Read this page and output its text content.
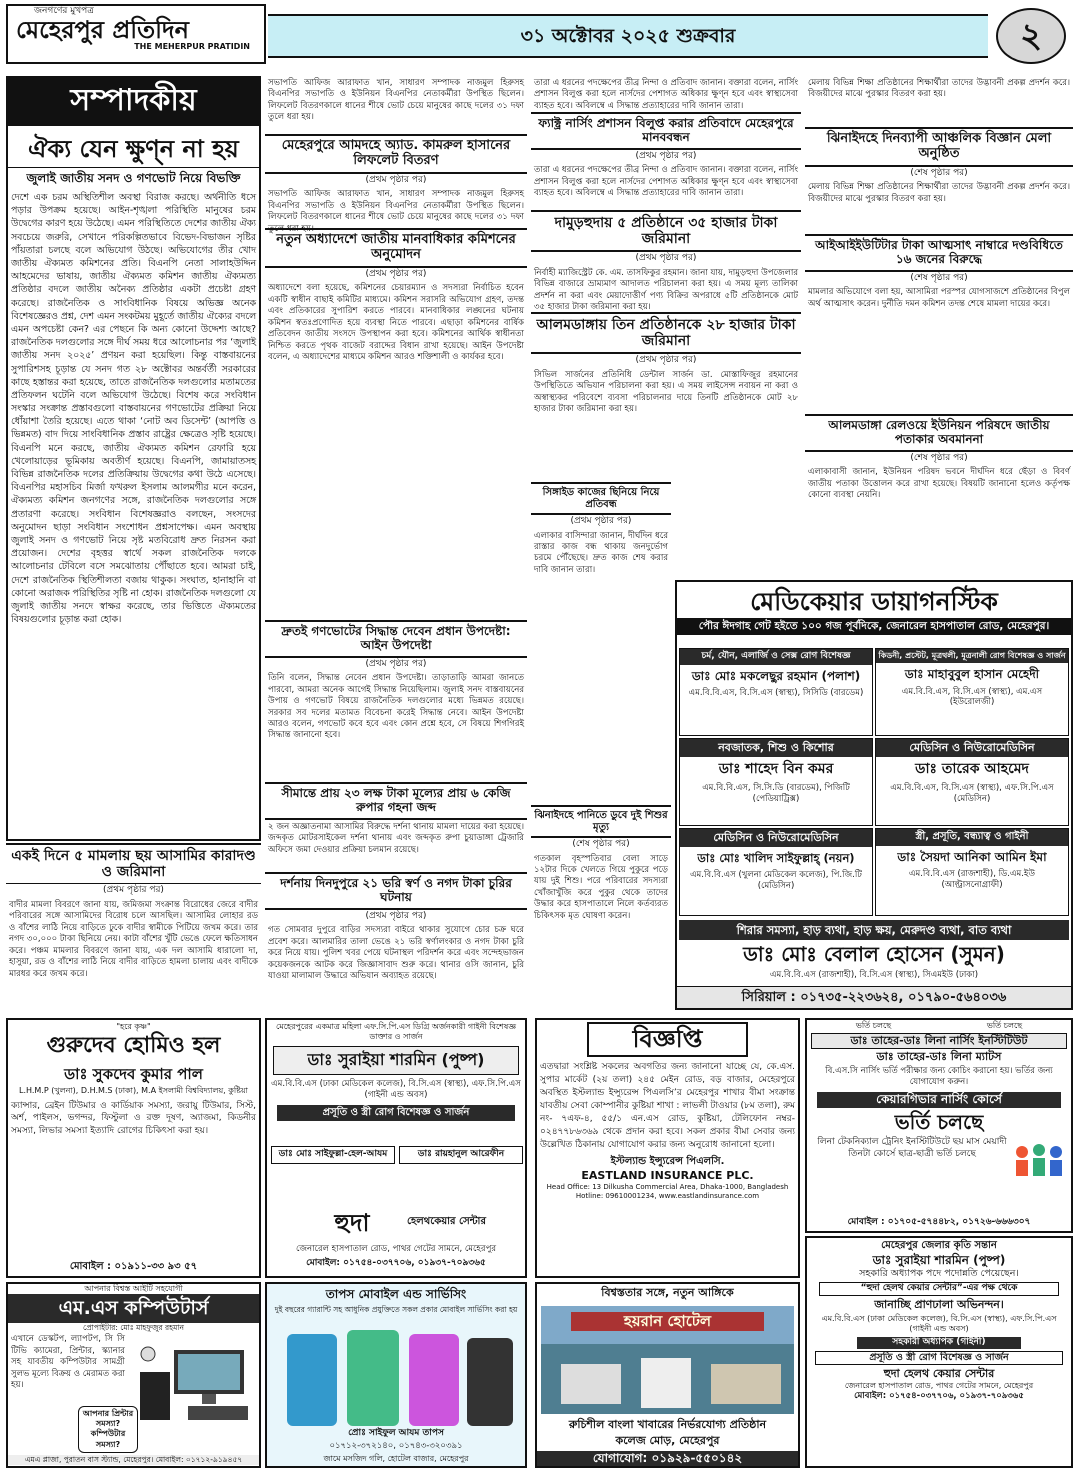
জনগণের মুখপত্র
মেহেরপুর প্রতিদিন
THE MEHERPUR PRATIDIN	৩১ অক্টোবর ২০২৫ শুক্রবার	২
সম্পাদকীয়
ঐক্য যেন ক্ষুণ্ন না হয়
জুলাই জাতীয় সনদ ও গণভোট নিয়ে বিভক্তি
দেশে এক চরম অস্থিতিশীল অবস্থা বিরাজ করছে। অর্থনীতি ধসে পড়ার উপক্রম হয়েছে। আইন-শৃঙ্খলা পরিস্থিতি মানুষের চরম উদ্বেগের কারণ হয়ে উঠেছে। এমন পরিস্থিতিতে দেশের জাতীয় ঐক্য সবচেয়ে জরুরি, সেখানে পরিকল্পিতভাবে বিভেদ-বিভাজন সৃষ্টির পাঁয়তারা চলছে বলে অভিযোগ উঠছে। অভিযোগের তীর খোদ জাতীয় ঐক্যমত কমিশনের প্রতি। বিএনপি নেতা সালাহউদ্দিন আহমেদের ভাষায়, জাতীয় ঐক্যমত কমিশন জাতীয় ঐক্যমত্য প্রতিষ্ঠার বদলে জাতীয় অনৈক্য প্রতিষ্ঠার একটা প্রচেষ্টা গ্রহণ করেছে। রাজনৈতিক ও সাংবিধানিক বিষয়ে অভিজ্ঞ অনেক বিশেষজ্ঞেরও প্রশ্ন, দেশ এমন সংকটময় মুহূর্তে জাতীয় ঐক্যের বদলে এমন অপচেষ্টা কেন? এর পেছনে কি অন্য কোনো উদ্দেশ্য আছে? রাজনৈতিক দলগুলোর সঙ্গে দীর্ঘ সময় ধরে আলোচনার পর ‘জুলাই জাতীয় সনদ ২০২৫’ প্রণয়ন করা হয়েছিল। কিন্তু বাস্তবায়নের সুপারিশসহ চূড়ান্ত যে সনদ গত ২৮ অক্টোবর অন্তর্বর্তী সরকারের কাছে হস্তান্তর করা হয়েছে, তাতে রাজনৈতিক দলগুলোর মতামতের প্রতিফলন ঘটেনি বলে অভিযোগ উঠেছে। বিশেষ করে সংবিধান সংস্কার সংক্রান্ত প্রস্তাবগুলো বাস্তবায়নের গণভোটের প্রক্রিয়া নিয়ে ধোঁয়াশা তৈরি হয়েছে। এতে থাকা ‘নোট অব ডিসেন্ট’ (আপত্তি ও ভিন্নমত) বাদ দিয়ে সাংবিধানিক প্রস্তাব রাষ্ট্রের ক্ষেত্রেও সৃষ্টি হয়েছে। বিএনপি মনে করছে, জাতীয় ঐক্যমত কমিশন রেফারি হয়ে খেলোয়াড়ের ভূমিকায় অবতীর্ণ হয়েছে। বিএনপি, জামায়াতসহ বিভিন্ন রাজনৈতিক দলের প্রতিক্রিয়ায় উদ্বেগের কথা উঠে এসেছে। বিএনপির মহাসচিব মির্জা ফখরুল ইসলাম আলমগীর মনে করেন, ঐক্যমত্য কমিশন জনগণের সঙ্গে, রাজনৈতিক দলগুলোর সঙ্গে প্রতারণা করেছে। সংবিধান বিশেষজ্ঞরাও বলছেন, সংসদের অনুমোদন ছাড়া সংবিধান সংশোধন প্রশ্নসাপেক্ষ। এমন অবস্থায় জুলাই সনদ ও গণভোট নিয়ে সৃষ্ট মতবিরোধ দ্রুত নিরসন করা প্রয়োজন। দেশের বৃহত্তর স্বার্থে সকল রাজনৈতিক দলকে আলোচনার টেবিলে বসে সমঝোতায় পৌঁছাতে হবে। আমরা চাই, দেশে রাজনৈতিক স্থিতিশীলতা বজায় থাকুক। সংঘাত, হানাহানি বা কোনো অরাজক পরিস্থিতির সৃষ্টি না হোক। রাজনৈতিক দলগুলো যে জুলাই জাতীয় সনদে স্বাক্ষর করেছে, তার ভিত্তিতে ঐক্যমতের বিষয়গুলোর চূড়ান্ত করা হোক।
একই দিনে ৫ মামলায় ছয় আসামির কারাদণ্ড ও জরিমানা
(প্রথম পৃষ্ঠার পর)
বাদীর মামলা বিবরণে জানা যায়, জমিজমা সংক্রান্ত বিরোধের জেরে বাদীর পরিবারের সঙ্গে আসামিদের বিরোধ চলে আসছিল। আসামির লোহার রড ও বাঁশের লাঠি নিয়ে বাড়িতে ঢুকে বাদীর স্বামীকে পিটিয়ে জখম করে। তার নগদ ৩০,০০০ টাকা ছিনিয়ে নেয়। কাটা বাঁশের খুঁটি ভেঙে ফেলে ক্ষতিসাধন করে। পঞ্চম মামলার বিবরণে জানা যায়, এক দল আসামি ধারালো দা, হাসুয়া, রড ও বাঁশের লাঠি নিয়ে বাদীর বাড়িতে হামলা চালায় এবং বাদীকে মারধর করে জখম করে।
সভাপতি আফিজ আরাফাত খান, সাধারণ সম্পাদক নাজমুল হিরুসহ বিএনপির সভাপতি ও ইউনিয়ন বিএনপির নেতাকর্মীরা উপস্থিত ছিলেন। লিফলেট বিতরণকালে ধানের শীষে ভোট চেয়ে মানুষের কাছে দলের ৩১ দফা তুলে ধরা হয়।
মেহেরপুরে আমদহে অ্যাড. কামরুল হাসানের লিফলেট বিতরণ
(প্রথম পৃষ্ঠার পর)
সভাপতি আফিজ আরাফাত খান, সাধারণ সম্পাদক নাজমুল হিরুসহ বিএনপির সভাপতি ও ইউনিয়ন বিএনপির নেতাকর্মীরা উপস্থিত ছিলেন। লিফলেট বিতরণকালে ধানের শীষে ভোট চেয়ে মানুষের কাছে দলের ৩১ দফা তুলে ধরা হয়।
নতুন অধ্যাদেশে জাতীয় মানবাধিকার কমিশনের অনুমোদন
(প্রথম পৃষ্ঠার পর)
অধ্যাদেশে বলা হয়েছে, কমিশনের চেয়ারম্যান ও সদস্যরা নির্বাচিত হবেন একটি স্বাধীন বাছাই কমিটির মাধ্যমে। কমিশন সরাসরি অভিযোগ গ্রহণ, তদন্ত এবং প্রতিকারের সুপারিশ করতে পারবে। মানবাধিকার লঙ্ঘনের ঘটনায় কমিশন স্বতঃপ্রণোদিত হয়ে ব্যবস্থা নিতে পারবে। এছাড়া কমিশনের বার্ষিক প্রতিবেদন জাতীয় সংসদে উপস্থাপন করা হবে। কমিশনের আর্থিক স্বাধীনতা নিশ্চিত করতে পৃথক বাজেট বরাদ্দের বিধান রাখা হয়েছে। আইন উপদেষ্টা বলেন, এ অধ্যাদেশের মাধ্যমে কমিশন আরও শক্তিশালী ও কার্যকর হবে।
দ্রুতই গণভোটের সিদ্ধান্ত দেবেন প্রধান উপদেষ্টা: আইন উপদেষ্টা
(প্রথম পৃষ্ঠার পর)
তিনি বলেন, সিদ্ধান্ত নেবেন প্রধান উপদেষ্টা। তাড়াতাড়ি আমরা জানতে পারবো, আমরা অনেক আগেই সিদ্ধান্ত নিয়েছিলাম। জুলাই সনদ বাস্তবায়নের উপায় ও গণভোট বিষয়ে রাজনৈতিক দলগুলোর মধ্যে ভিন্নমত রয়েছে। সরকার সব দলের মতামত বিবেচনা করেই সিদ্ধান্ত নেবে। আইন উপদেষ্টা আরও বলেন, গণভোট কবে হবে এবং কোন প্রশ্নে হবে, সে বিষয়ে শিগগিরই সিদ্ধান্ত জানানো হবে।
সীমান্তে প্রায় ২৩ লক্ষ টাকা মূল্যের প্রায় ৬ কেজি রুপার গহনা জব্দ
২ জন অজ্ঞাতনামা আসামির বিরুদ্ধে দর্শনা থানায় মামলা দায়ের করা হয়েছে। জব্দকৃত মোটরসাইকেল দর্শনা থানায় এবং জব্দকৃত রুপা চুয়াডাঙ্গা ট্রেজারি অফিসে জমা দেওয়ার প্রক্রিয়া চলমান রয়েছে।
দর্শনায় দিনদুপুরে ২১ ভরি স্বর্ণ ও নগদ টাকা চুরির ঘটনায়
(প্রথম পৃষ্ঠার পর)
গত সোমবার দুপুরে বাড়ির সদস্যরা বাইরে থাকার সুযোগে চোর চক্র ঘরে প্রবেশ করে। আলমারির তালা ভেঙে ২১ ভরি স্বর্ণালংকার ও নগদ টাকা চুরি করে নিয়ে যায়। পুলিশ খবর পেয়ে ঘটনাস্থল পরিদর্শন করে এবং সন্দেহভাজন কয়েকজনকে আটক করে জিজ্ঞাসাবাদ শুরু করে। থানার ওসি জানান, চুরি যাওয়া মালামাল উদ্ধারে অভিযান অব্যাহত রয়েছে।
তারা এ ধরনের পদক্ষেপের তীব্র নিন্দা ও প্রতিবাদ জানান। বক্তারা বলেন, নার্সিং প্রশাসন বিলুপ্ত করা হলে নার্সদের পেশাগত অধিকার ক্ষুণ্ন হবে এবং স্বাস্থ্যসেবা ব্যাহত হবে। অবিলম্বে এ সিদ্ধান্ত প্রত্যাহারের দাবি জানান তারা।
ফ্যাক্ট্র নার্সিং প্রশাসন বিলুপ্ত করার প্রতিবাদে মেহেরপুরে মানববন্ধন
(প্রথম পৃষ্ঠার পর)
তারা এ ধরনের পদক্ষেপের তীব্র নিন্দা ও প্রতিবাদ জানান। বক্তারা বলেন, নার্সিং প্রশাসন বিলুপ্ত করা হলে নার্সদের পেশাগত অধিকার ক্ষুণ্ন হবে এবং স্বাস্থ্যসেবা ব্যাহত হবে। অবিলম্বে এ সিদ্ধান্ত প্রত্যাহারের দাবি জানান তারা।
দামুড়হুদায় ৫ প্রতিষ্ঠানে ৩৫ হাজার টাকা জরিমানা
(প্রথম পৃষ্ঠার পর)
নির্বাহী ম্যাজিস্ট্রেট কে. এম. তাসফিকুর রহমান। জানা যায়, দামুড়হুদা উপজেলার বিভিন্ন বাজারে ভ্রাম্যমাণ আদালত পরিচালনা করা হয়। এ সময় মূল্য তালিকা প্রদর্শন না করা এবং মেয়াদোত্তীর্ণ পণ্য বিক্রির অপরাধে ৫টি প্রতিষ্ঠানকে মোট ৩৫ হাজার টাকা জরিমানা করা হয়।
আলমডাঙ্গায় তিন প্রতিষ্ঠানকে ২৮ হাজার টাকা জরিমানা
(প্রথম পৃষ্ঠার পর)
সিভিল সার্জনের প্রতিনিধি ডেন্টাল সার্জন ডা. মোস্তাফিজুর রহমানের উপস্থিতিতে অভিযান পরিচালনা করা হয়। এ সময় লাইসেন্স নবায়ন না করা ও অস্বাস্থ্যকর পরিবেশে ব্যবসা পরিচালনার দায়ে তিনটি প্রতিষ্ঠানকে মোট ২৮ হাজার টাকা জরিমানা করা হয়।
সিঙ্গাইড কাজের ছিনিয়ে নিয়ে প্রতিবন্ধ
(প্রথম পৃষ্ঠার পর)
এলাকার বাসিন্দারা জানান, দীর্ঘদিন ধরে রাস্তার কাজ বন্ধ থাকায় জনদুর্ভোগ চরমে পৌঁছেছে। দ্রুত কাজ শেষ করার দাবি জানান তারা।
ঝিনাইদহে পানিতে ডুবে দুই শিশুর মৃত্যু
(শেষ পৃষ্ঠার পর)
গতকাল বৃহস্পতিবার বেলা সাড়ে ১২টার দিকে খেলতে গিয়ে পুকুরে পড়ে যায় দুই শিশু। পরে পরিবারের সদস্যরা খোঁজাখুঁজি করে পুকুর থেকে তাদের উদ্ধার করে হাসপাতালে নিলে কর্তব্যরত চিকিৎসক মৃত ঘোষণা করেন।
মেলায় বিভিন্ন শিক্ষা প্রতিষ্ঠানের শিক্ষার্থীরা তাদের উদ্ভাবনী প্রকল্প প্রদর্শন করে। বিজয়ীদের মাঝে পুরস্কার বিতরণ করা হয়।
ঝিনাইদহে দিনব্যাপী আঞ্চলিক বিজ্ঞান মেলা অনুষ্ঠিত
(শেষ পৃষ্ঠার পর)
মেলায় বিভিন্ন শিক্ষা প্রতিষ্ঠানের শিক্ষার্থীরা তাদের উদ্ভাবনী প্রকল্প প্রদর্শন করে। বিজয়ীদের মাঝে পুরস্কার বিতরণ করা হয়।
আইআইইউটিটার টাকা আত্মসাৎ নাম্বারে দণ্ডবিধিতে ১৬ জনের বিরুদ্ধে
(শেষ পৃষ্ঠার পর)
মামলার অভিযোগে বলা হয়, আসামিরা পরস্পর যোগসাজশে প্রতিষ্ঠানের বিপুল অর্থ আত্মসাৎ করেন। দুর্নীতি দমন কমিশন তদন্ত শেষে মামলা দায়ের করে।
আলমডাঙ্গা রেলওয়ে ইউনিয়ন পরিষদে জাতীয় পতাকার অবমাননা
(শেষ পৃষ্ঠার পর)
এলাকাবাসী জানান, ইউনিয়ন পরিষদ ভবনে দীর্ঘদিন ধরে ছেঁড়া ও বিবর্ণ জাতীয় পতাকা উত্তোলন করে রাখা হয়েছে। বিষয়টি জানানো হলেও কর্তৃপক্ষ কোনো ব্যবস্থা নেয়নি।
মেডিকেয়ার ডায়াগনস্টিক
পৌর ঈদগাহ গেট হইতে ১০০ গজ পূর্বদিকে, জেনারেল হাসপাতাল রোড, মেহেরপুর।
চর্ম, যৌন, এলার্জি ও সেক্স রোগ বিশেষজ্ঞ
ডাঃ মোঃ মকলেছুর রহমান (পলাশ)
এম.বি.বি.এস, বি.সি.এস (স্বাস্থ্য), সিসিডি (বারডেম)
কিডনী, প্রস্টেট, মূত্রথলী, মূত্রনালী রোগ বিশেষজ্ঞ ও সার্জন
ডাঃ মাহাবুবুল হাসান মেহেদী
এম.বি.বি.এস, বি.সি.এস (স্বাস্থ্য), এম.এস (ইউরোলজী)
নবজাতক, শিশু ও কিশোর
ডাঃ শাহেদ বিন কমর
এম.বি.বি.এস, সি.সি.ডি (বারডেম), পিজিটি (পেডিয়াট্রিক্স)
মেডিসিন ও নিউরোমেডিসিন
ডাঃ তারেক আহমেদ
এম.বি.বি.এস, বি.সি.এস (স্বাস্থ্য), এফ.সি.পি.এস (মেডিসিন)
মেডিসিন ও নিউরোমেডিসিন
ডাঃ মোঃ খালিদ সাইফুল্লাহ্ (নয়ন)
এম.বি.বি.এস (খুলনা মেডিকেল কলেজ), পি.জি.টি (মেডিসিন)
স্ত্রী, প্রসূতি, বন্ধ্যাত্ব ও গাইনী
ডাঃ সৈয়দা আনিকা আমিন ইমা
এম.বি.বি.এস (রাজশাহী), ডি.এম.ইউ (আল্ট্রাসনোগ্রাফী)
শিরার সমস্যা, হাড় ব্যথা, হাড় ক্ষয়, মেরুদণ্ড ব্যথা, বাত ব্যথা
ডাঃ মোঃ বেলাল হোসেন (সুমন)
এম.বি.বি.এস (রাজশাহী), বি.সি.এস (স্বাস্থ্য), সিএমইউ (ঢাকা)
সিরিয়াল : ০১৭৩৫-২২৩৬২৪, ০১৭৯০-৫৬৪০৩৬
"হরে কৃষ্ণ"
গুরুদেব হোমিও হল
ডাঃ সুকদেব কুমার পাল
L.H.M.P (খুলনা), D.H.M.S (ঢাকা), M.A ইসলামী বিশ্ববিদ্যালয়, কুষ্টিয়া
ক্যান্সার, ব্রেইন টিউমার ও কার্ডিয়াক সমস্যা, জরায়ু টিউমার, সিস্ট, অর্শ, পাইলস, ভগন্দর, ফিস্টুলা ও রক্ত দূষণ, অ্যাজমা, কিডনীর সমস্যা, লিভার সমস্যা ইত্যাদি রোগের চিকিৎসা করা হয়।
মোবাইল : ০১৯১১-৩৩ ৯৩ ৫৭
মেহেরপুরের একমাত্র মহিলা এফ.সি.পি.এস ডিগ্রি অর্জনকারী গাইনী বিশেষজ্ঞ ডাক্তার ও সার্জন
ডাঃ সুরাইয়া শারমিন (পুষ্প)
এম.বি.বি.এস (ঢাকা মেডিকেল কলেজ), বি.সি.এস (স্বাস্থ্য), এফ.সি.পি.এস (গাইনী এন্ড অবস)
প্রসূতি ও স্ত্রী রোগ বিশেষজ্ঞ ও সার্জন
ডাঃ মোঃ সাইফুল্লা-হেল-আযম	ডাঃ রায়হানুল আরেফীন
হুদা	হেলথকেয়ার সেন্টার
জেনারেল হাসপাতাল রোড, পাথর গেটের সামনে, মেহেরপুর
মোবাইল: ০১৭৫৪-০৩৭৭০৬, ০১৯৩৭-৭০৯৩৬৫
বিজ্ঞপ্তি
এতদ্বারা সংশ্লিষ্ট সকলের অবগতির জন্য জানানো যাচ্ছে যে, কে.এস. সুপার মার্কেট (২য় তলা) ২৪৫ মেইন রোড, বড় বাজার, মেহেরপুরে অবস্থিত ইস্টল্যান্ড ইন্স্যুরেন্স পিএলসি’র মেহেরপুর শাখার বীমা সংক্রান্ত যাবতীয় সেবা কোম্পানীর কুষ্টিয়া শাখা : লাভলী টাওয়ার (৮ম তলা), রুম নং- ৭এফ-৪, ৫৫/১ এন.এস রোড, কুষ্টিয়া, টেলিফোন নম্বর- ০২৪৭৭৮৬৩৬৯ থেকে প্রদান করা হবে। সকল প্রকার বীমা সেবার জন্য উল্লেখিত ঠিকানায় যোগাযোগ করার জন্য অনুরোধ জানানো হলো।
ইস্টল্যান্ড ইন্স্যুরেন্স পিএলসি.
EASTLAND INSURANCE PLC.
Head Office: 13 Dilkusha Commercial Area, Dhaka-1000, Bangladesh
Hotline: 09610001234, www.eastlandinsurance.com
ভর্তি চলছে	ভর্তি চলছে
ডাঃ তাহের-ডাঃ লিনা নার্সিং ইনস্টিটিউট
ডাঃ তাহের-ডাঃ লিনা ম্যাটস
বি.এস.সি নার্সিং ভর্তি পরীক্ষার জন্য কোচিং করানো হয়। ভর্তির জন্য যোগাযোগ করুন।
কেয়ারগিভার নার্সিং কোর্সে
ভর্তি চলছে
লিনা টেকনিক্যাল ট্রেনিং ইনস্টিটিউটে ছয় মাস মেয়াদী তিনটা কোর্সে ছাত্র-ছাত্রী ভর্তি চলছে
মোবাইল : ০১৭০৫-৫৭৪৪৮২, ০১৭২৬-৬৬৬৩০৭
মেহেরপুর জেলার কৃতি সন্তান
ডাঃ সুরাইয়া শারমিন (পুষ্প)
সহকারি অধ্যাপক পদে পদোন্নতি পেয়েছেন।
“হুদা হেলথ কেয়ার সেন্টার”-এর পক্ষ থেকে
জানাচ্ছি প্রাণঢালা অভিনন্দন।
এম.বি.বি.এস (ঢাকা মেডিকেল কলেজ), বি.সি.এস (স্বাস্থ্য), এফ.সি.পি.এস (গাইনী এন্ড অবস)
সহকারী অধ্যাপক (গাইনী)
প্রসূতি ও স্ত্রী রোগ বিশেষজ্ঞ ও সার্জন
হুদা হেলথ কেয়ার সেন্টার
জেনারেল হাসপাতাল রোড, পাথর গেটের সামনে, মেহেরপুর
মোবাইল: ০১৭৫৪-০৩৭৭০৬, ০১৯৩৭-৭০৯৩৬৫
আপনার বিশ্বস্ত আইটি সহযোগী
এম.এস কম্পিউটার্স
প্রোপাইটার: মোঃ মাহফুজুর রহমান
এখানে ডেস্কটপ, ল্যাপটপ, সি সি টিভি ক্যামেরা, প্রিন্টার, স্ক্যানার সহ যাবতীয় কম্পিউটার সামগ্রী সুলভ মূল্যে বিক্রয় ও মেরামত করা হয়।
আপনার প্রিন্টার সমস্যা? কম্পিউটার সমস্যা?
এমএ প্লাজা, পুরাতন বাস স্ট্যান্ড, মেহেরপুর। মোবাইল: ০১৭১২-৯১৯৪৫৭
তাপস মোবাইল এন্ড সার্ভিসিং
দুই বছরের গ্যারান্টি সহ আধুনিক প্রযুক্তিতে সকল প্রকার মোবাইল সার্ভিসিং করা হয়
প্রোঃ সাইফুল আযম তাপস
০১৭১২-৩৭২১৪০, ০১৭৪৩-৩২০৩৯১
জামে মসজিদ গলি, হোটেল বাজার, মেহেরপুর
বিশ্বস্ততার সঙ্গে, নতুন আঙ্গিকে
হয়রান হোটেল
রুচিশীল বাংলা খাবারের নির্ভরযোগ্য প্রতিষ্ঠান
কলেজ মোড়, মেহেরপুর
যোগাযোগ: ০১৯২৯-৫৫০১৪২
